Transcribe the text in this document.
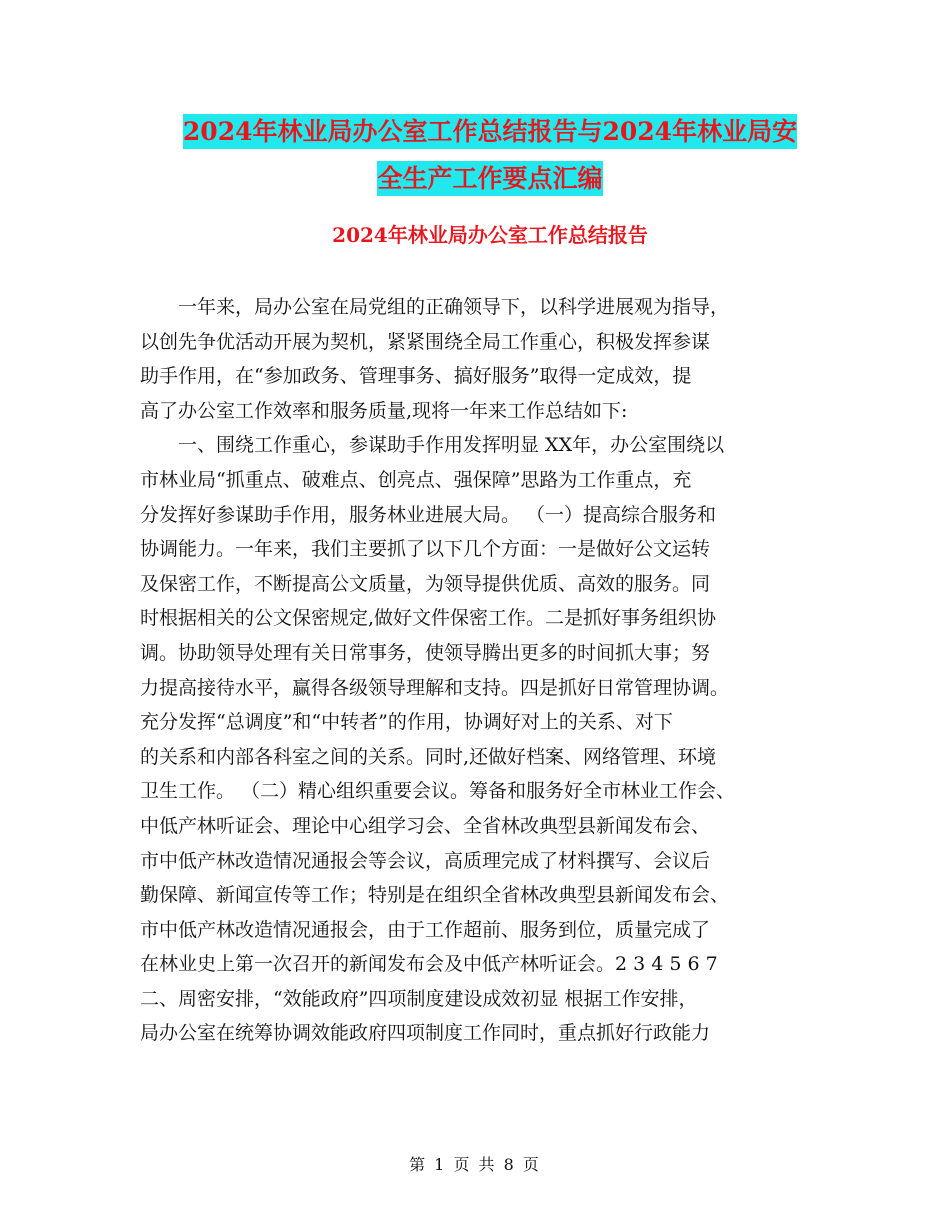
2024年林业局办公室工作总结报告与2024年林业局安
全生产工作要点汇编
2024年林业局办公室工作总结报告
　　一年来，局办公室在局党组的正确领导下，以科学进展观为指导，
以创先争优活动开展为契机，紧紧围绕全局工作重心，积极发挥参谋
助手作用，在“参加政务、管理事务、搞好服务”取得一定成效，提
高了办公室工作效率和服务质量,现将一年来工作总结如下:
　　一、围绕工作重心，参谋助手作用发挥明显 XX年，办公室围绕以
市林业局“抓重点、破难点、创亮点、强保障”思路为工作重点，充
分发挥好参谋助手作用，服务林业进展大局。 （一）提高综合服务和
协调能力。一年来，我们主要抓了以下几个方面：一是做好公文运转
及保密工作，不断提高公文质量，为领导提供优质、高效的服务。同
时根据相关的公文保密规定,做好文件保密工作。二是抓好事务组织协
调。协助领导处理有关日常事务，使领导腾出更多的时间抓大事；努
力提高接待水平，赢得各级领导理解和支持。四是抓好日常管理协调。
充分发挥“总调度”和“中转者”的作用，协调好对上的关系、对下
的关系和内部各科室之间的关系。同时,还做好档案、网络管理、环境
卫生工作。 （二）精心组织重要会议。筹备和服务好全市林业工作会、
中低产林听证会、理论中心组学习会、全省林改典型县新闻发布会、
市中低产林改造情况通报会等会议，高质理完成了材料撰写、会议后
勤保障、新闻宣传等工作；特别是在组织全省林改典型县新闻发布会、
市中低产林改造情况通报会，由于工作超前、服务到位，质量完成了
在林业史上第一次召开的新闻发布会及中低产林听证会。2 3 4 5 6 7
二、周密安排，“效能政府”四项制度建设成效初显 根据工作安排，
局办公室在统筹协调效能政府四项制度工作同时，重点抓好行政能力
第 1 页 共 8 页
